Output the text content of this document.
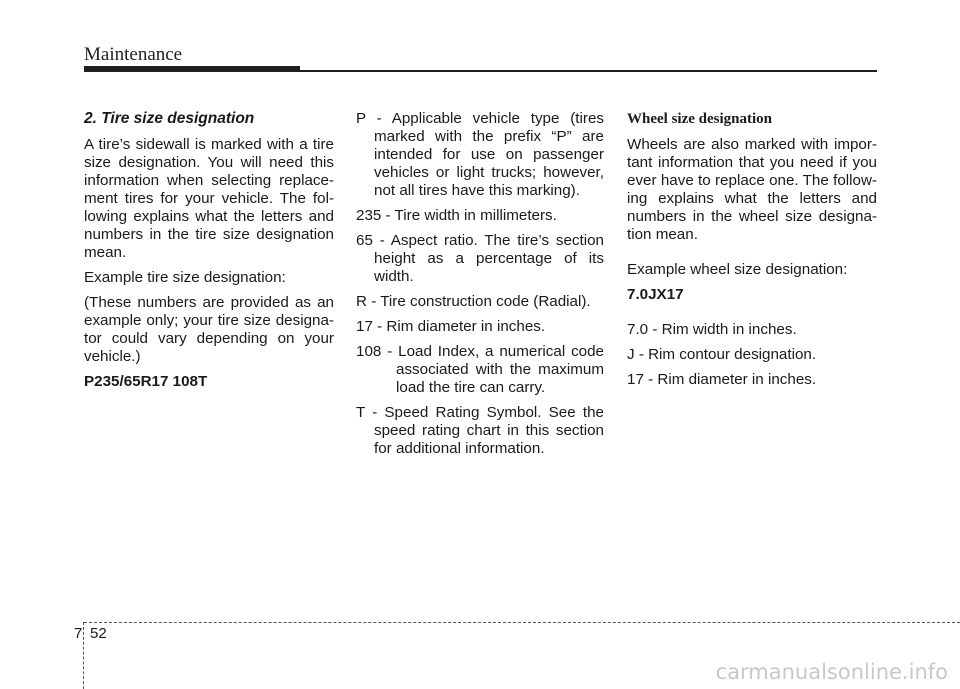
Maintenance

2. Tire size designation

A tire’s sidewall is marked with a tire size designation. You will need this information when selecting replace-ment tires for your vehicle. The fol-lowing explains what the letters and numbers in the tire size designation mean.

Example tire size designation:

(These numbers are provided as an example only; your tire size designa-tor could vary depending on your vehicle.)

P235/65R17 108T

P - Applicable vehicle type (tires marked with the prefix “P” are intended for use on passenger vehicles or light trucks; however, not all tires have this marking).

235 - Tire width in millimeters.

65 - Aspect ratio. The tire’s section height as a percentage of its width.

R - Tire construction code (Radial).

17 - Rim diameter in inches.

108 - Load Index, a numerical code associated with the maximum load the tire can carry.

T - Speed Rating Symbol. See the speed rating chart in this section for additional information.

Wheel size designation

Wheels are also marked with impor-tant information that you need if you ever have to replace one. The follow-ing explains what the letters and numbers in the wheel size designa-tion mean.

Example wheel size designation:

7.0JX17

7.0 - Rim width in inches.

J - Rim contour designation.

17 - Rim diameter in inches.

7 52
carmanualsonline.info
